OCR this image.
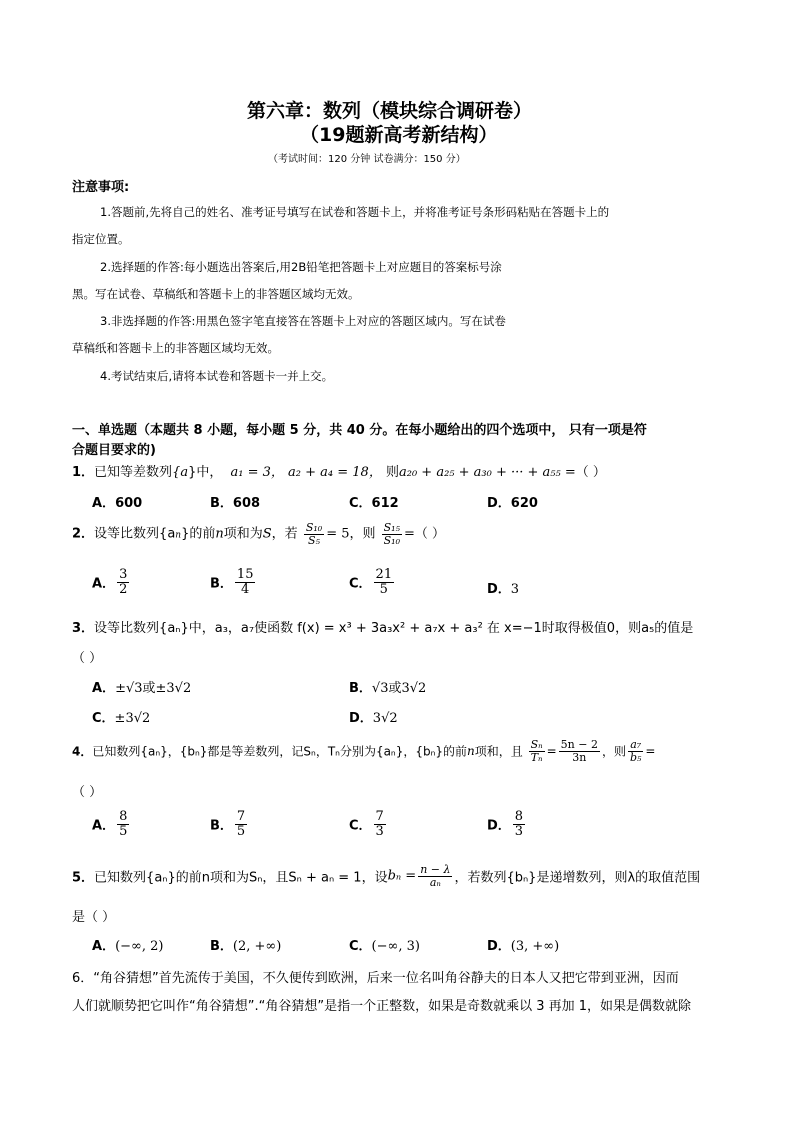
第六章：数列（模块综合调研卷）
（19题新高考新结构）
（考试时间：120 分钟 试卷满分：150 分）
注意事项:
1.答题前,先将自己的姓名、准考证号填写在试卷和答题卡上，并将准考证号条形码粘贴在答题卡上的
指定位置。
2.选择题的作答:每小题选出答案后,用2B铅笔把答题卡上对应题目的答案标号涂
黑。写在试卷、草稿纸和答题卡上的非答题区域均无效。
3.非选择题的作答:用黑色签字笔直接答在答题卡上对应的答题区域内。写在试卷
草稿纸和答题卡上的非答题区域均无效。
4.考试结束后,请将本试卷和答题卡一并上交。
一、单选题（本题共 8 小题，每小题 5 分，共 40 分。在每小题给出的四个选项中， 只有一项是符
合题目要求的)
1．已知等差数列{a}中， a₁ = 3， a₂ + a₄ = 18， 则a₂₀ + a₂₅ + a₃₀ + ··· + a₅₅ =（ ）
A．600	B．608	C．612	D．620
2．设等比数列{an}的前n项和为S，若 $\frac{\text{S₁₀}}{\text{S₅}} = 5$，则 $\frac{\text{S₁₅}}{\text{S₁₀}}$ =（ ）
A． $\frac{3}{2}$	B． $\frac{15}{4}$	C． $\frac{21}{5}$	D．3
3．设等比数列{aₙ}中，a₃，a₇使函数 f(x) = x³ + 3a₃x² + a₇x + a₃² 在 x=−1时取得极值0，则a₅的值是
（ ）
A．±√3或±3√2	B．√3或3√2
C．±3√2	D．3√2
4．已知数列{aₙ}，{bₙ}都是等差数列，记Sₙ，Tₙ分别为{aₙ}，{bₙ}的前n项和，且 $\frac{\text{Sₙ}}{\text{Tₙ}} = \frac{5n - 2}{3n}$ ，则 $\frac{\text{a₇}}{\text{b₅}}$ =
（ ）
A． $\frac{8}{5}$	B． $\frac{7}{5}$	C． $\frac{7}{3}$	D． $\frac{8}{3}$
5．已知数列{aₙ}的前n项和为Sₙ，且Sₙ + aₙ = 1，设$b_n = \frac{n - \lambda}{\text{aₙ}}$ ，若数列{bₙ}是递增数列，则λ的取值范围
是（ ）
A．(−∞, 2)	B．(2, +∞)	C．(−∞, 3)	D．(3, +∞)
6．“角谷猜想”首先流传于美国，不久便传到欧洲，后来一位名叫角谷静夫的日本人又把它带到亚洲，因而
人们就顺势把它叫作“角谷猜想”.“角谷猜想”是指一个正整数，如果是奇数就乘以 3 再加 1，如果是偶数就除
